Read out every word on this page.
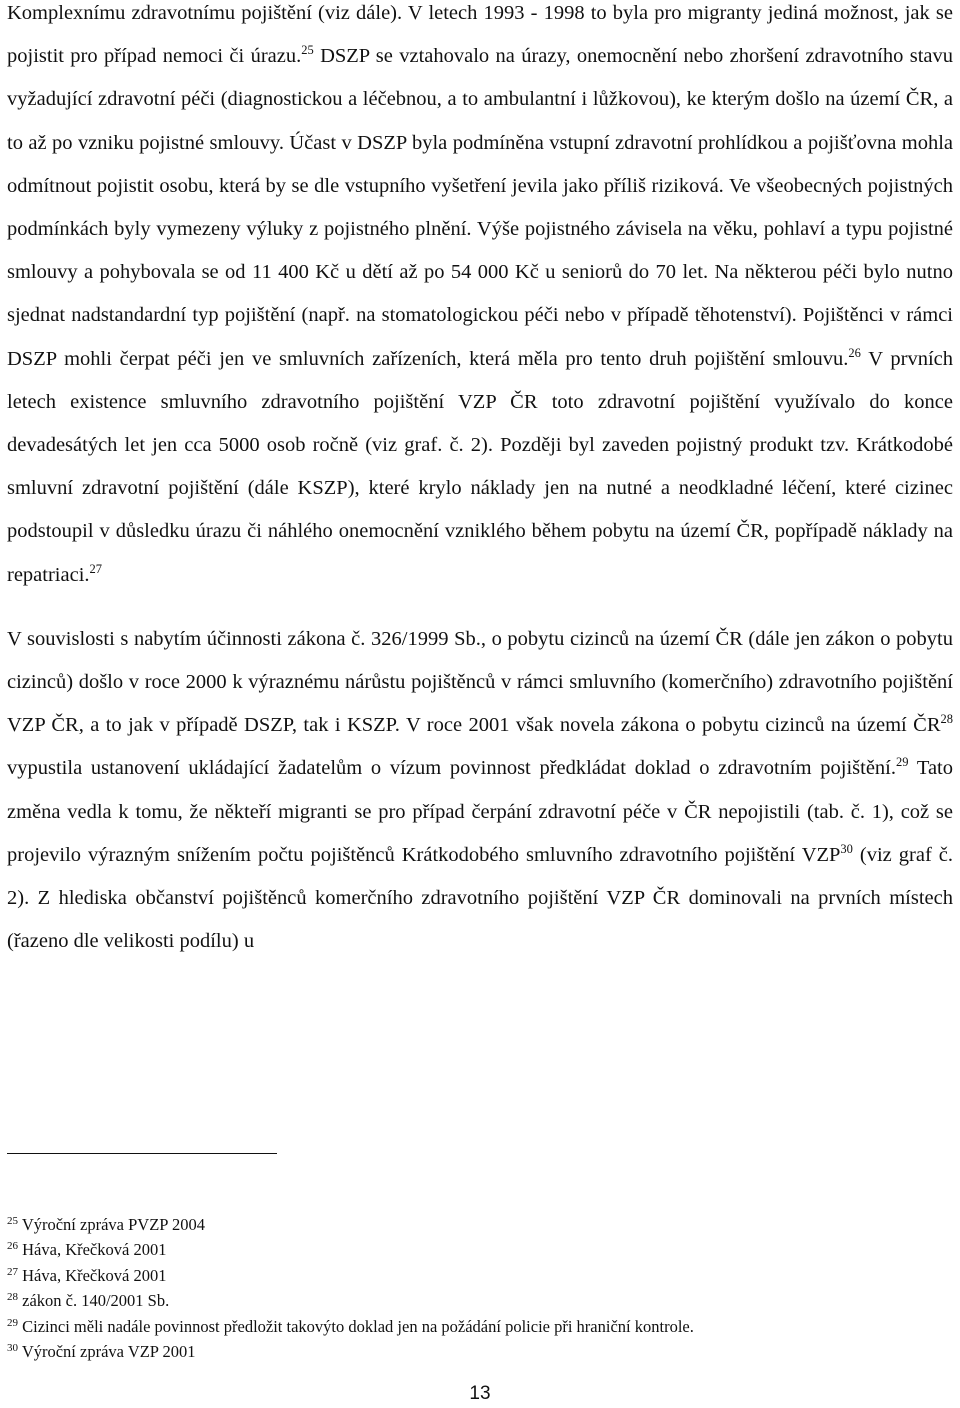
Komplexnímu zdravotnímu pojištění (viz dále). V letech 1993 - 1998 to byla pro migranty jediná možnost, jak se pojistit pro případ nemoci či úrazu.$^{25}$ DSZP se vztahovalo na úrazy, onemocnění nebo zhoršení zdravotního stavu vyžadující zdravotní péči (diagnostickou a léčebnou, a to ambulantní i lůžkovou), ke kterým došlo na území ČR, a to až po vzniku pojistné smlouvy. Účast v DSZP byla podmíněna vstupní zdravotní prohlídkou a pojišťovna mohla odmítnout pojistit osobu, která by se dle vstupního vyšetření jevila jako příliš riziková. Ve všeobecných pojistných podmínkách byly vymezeny výluky z pojistného plnění. Výše pojistného závisela na věku, pohlaví a typu pojistné smlouvy a pohybovala se od 11 400 Kč u dětí až po 54 000 Kč u seniorů do 70 let. Na některou péči bylo nutno sjednat nadstandardní typ pojištění (např. na stomatologickou péči nebo v případě těhotenství). Pojištěnci v rámci DSZP mohli čerpat péči jen ve smluvních zařízeních, která měla pro tento druh pojištění smlouvu.$^{26}$ V prvních letech existence smluvního zdravotního pojištění VZP ČR toto zdravotní pojištění využívalo do konce devadesátých let jen cca 5000 osob ročně (viz graf. č. 2). Později byl zaveden pojistný produkt tzv. Krátkodobé smluvní zdravotní pojištění (dále KSZP), které krylo náklady jen na nutné a neodkladné léčení, které cizinec podstoupil v důsledku úrazu či náhlého onemocnění vzniklého během pobytu na území ČR, popřípadě náklady na repatriaci.$^{27}$

V souvislosti s nabytím účinnosti zákona č. 326/1999 Sb., o pobytu cizinců na území ČR (dále jen zákon o pobytu cizinců) došlo v roce 2000 k výraznému nárůstu pojištěnců v rámci smluvního (komerčního) zdravotního pojištění VZP ČR, a to jak v případě DSZP, tak i KSZP. V roce 2001 však novela zákona o pobytu cizinců na území ČR$^{28}$ vypustila ustanovení ukládající žadatelům o vízum povinnost předkládat doklad o zdravotním pojištění.$^{29}$ Tato změna vedla k tomu, že někteří migranti se pro případ čerpání zdravotní péče v ČR nepojistili (tab. č. 1), což se projevilo výrazným snížením počtu pojištěnců Krátkodobého smluvního zdravotního pojištění VZP$^{30}$ (viz graf č. 2). Z hlediska občanství pojištěnců komerčního zdravotního pojištění VZP ČR dominovali na prvních místech (řazeno dle velikosti podílu) u

$^{25}$ Výroční zpráva PVZP 2004

$^{26}$ Háva, Křečková 2001

$^{27}$ Háva, Křečková 2001

$^{28}$ zákon č. 140/2001 Sb.

$^{29}$ Cizinci měli nadále povinnost předložit takovýto doklad jen na požádání policie při hraniční kontrole.

$^{30}$ Výroční zpráva VZP 2001

13
